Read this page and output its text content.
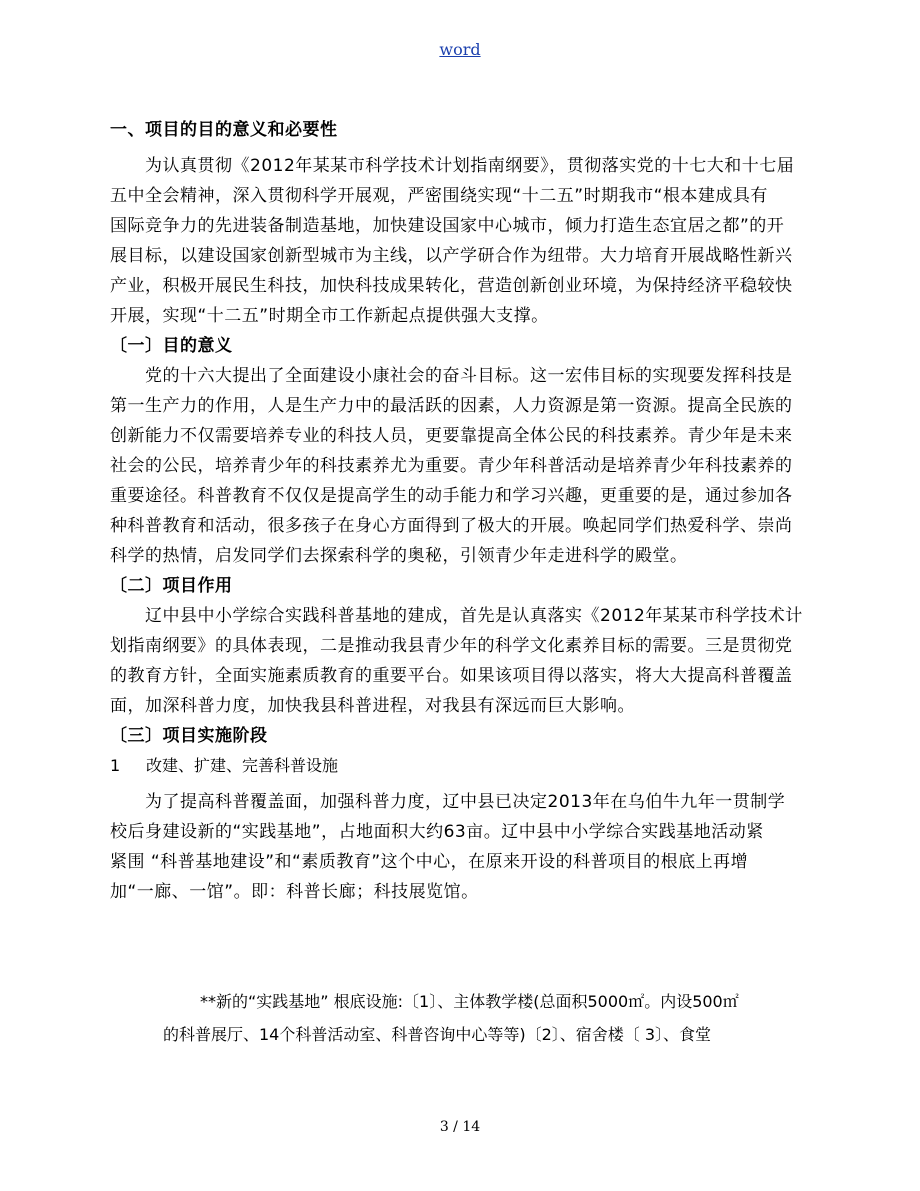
word
一、项目的目的意义和必要性
为认真贯彻《2012年某某市科学技术计划指南纲要》，贯彻落实党的十七大和十七届
五中全会精神，深入贯彻科学开展观，严密围绕实现“十二五”时期我市“根本建成具有
国际竞争力的先进装备制造基地，加快建设国家中心城市，倾力打造生态宜居之都”的开
展目标，以建设国家创新型城市为主线，以产学研合作为纽带。大力培育开展战略性新兴
产业，积极开展民生科技，加快科技成果转化，营造创新创业环境，为保持经济平稳较快
开展，实现“十二五”时期全市工作新起点提供强大支撑。
〔一〕目的意义
党的十六大提出了全面建设小康社会的奋斗目标。这一宏伟目标的实现要发挥科技是
第一生产力的作用，人是生产力中的最活跃的因素，人力资源是第一资源。提高全民族的
创新能力不仅需要培养专业的科技人员，更要靠提高全体公民的科技素养。青少年是未来
社会的公民，培养青少年的科技素养尤为重要。青少年科普活动是培养青少年科技素养的
重要途径。科普教育不仅仅是提高学生的动手能力和学习兴趣，更重要的是，通过参加各
种科普教育和活动，很多孩子在身心方面得到了极大的开展。唤起同学们热爱科学、崇尚
科学的热情，启发同学们去探索科学的奥秘，引领青少年走进科学的殿堂。
〔二〕项目作用
辽中县中小学综合实践科普基地的建成，首先是认真落实《2012年某某市科学技术计
划指南纲要》的具体表现，二是推动我县青少年的科学文化素养目标的需要。三是贯彻党
的教育方针，全面实施素质教育的重要平台。如果该项目得以落实，将大大提高科普覆盖
面，加深科普力度，加快我县科普进程，对我县有深远而巨大影响。
〔三〕项目实施阶段
1 改建、扩建、完善科普设施
为了提高科普覆盖面，加强科普力度，辽中县已决定2013年在乌伯牛九年一贯制学
校后身建设新的“实践基地”，占地面积大约63亩。辽中县中小学综合实践基地活动紧
紧围 “科普基地建设”和“素质教育”这个中心，在原来开设的科普项目的根底上再增
加“一廊、一馆”。即：科普长廊；科技展览馆。
**新的“实践基地” 根底设施:〔1〕、主体教学楼(总面积5000㎡。内设500㎡
的科普展厅、14个科普活动室、科普咨询中心等等)〔2〕、宿舍楼〔 3〕、食堂
3 / 14
